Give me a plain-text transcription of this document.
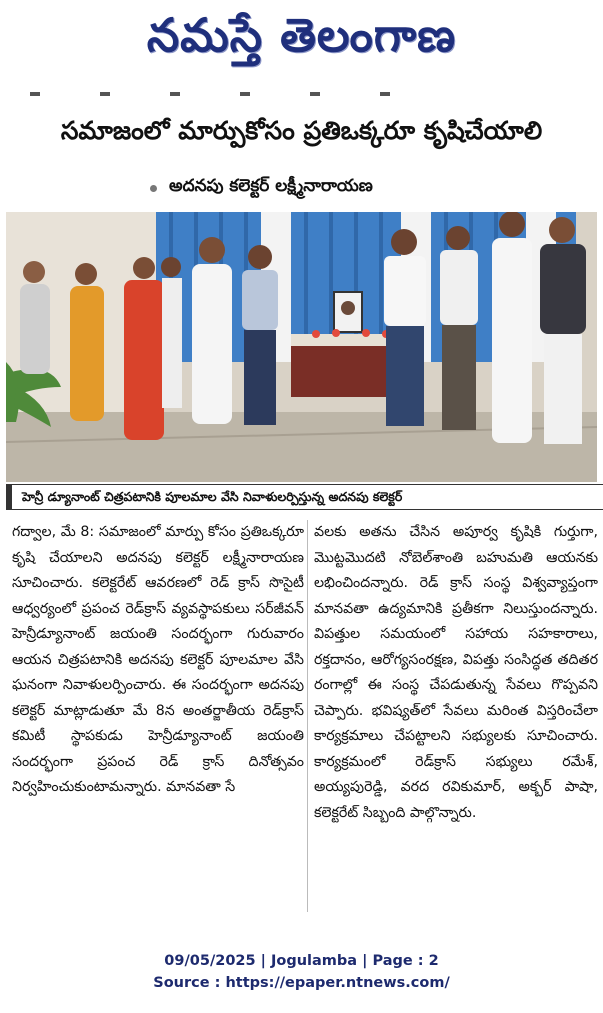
నమస్తే తెలంగాణ
సమాజంలో మార్పుకోసం ప్రతిఒక్కరూ కృషిచేయాలి
అదనపు కలెక్టర్ లక్ష్మీనారాయణ
హెన్రీ డ్యూనాంట్ చిత్రపటానికి పూలమాల వేసి నివాళులర్పిస్తున్న అదనపు కలెక్టర్
గద్వాల, మే 8: సమాజంలో మార్పు కోసం ప్రతిఒక్కరూ కృషి చేయాలని అదనపు కలెక్టర్ లక్ష్మీనారాయణ సూచించారు. కలెక్టరేట్ ఆవరణలో రెడ్ క్రాస్ సొసైటీ ఆధ్వర్యంలో ప్రపంచ రెడ్‌క్రాస్ వ్యవస్థాపకులు సర్‌జీవన్ హెన్రీడ్యూనాంట్ జయంతి సందర్భంగా గురువారం ఆయన చిత్రపటానికి అదనపు కలెక్టర్ పూలమాల వేసి ఘనంగా నివాళులర్పించారు. ఈ సందర్భంగా అదనపు కలెక్టర్ మాట్లాడుతూ మే 8న అంతర్జాతీయ రెడ్‌క్రాస్ కమిటీ స్థాపకుడు హెన్రీడ్యూనాంట్ జయంతి సందర్భంగా ప్రపంచ రెడ్ క్రాస్ దినోత్సవం నిర్వహించుకుంటామన్నారు. మానవతా సే
వలకు అతను చేసిన అపూర్వ కృషికి గుర్తుగా, మొట్టమొదటి నోబెల్‌శాంతి బహుమతి ఆయనకు లభించిందన్నారు. రెడ్ క్రాస్ సంస్థ విశ్వవ్యాప్తంగా మానవతా ఉద్యమానికి ప్రతీకగా నిలుస్తుందన్నారు. విపత్తుల సమయంలో సహాయ సహకారాలు, రక్తదానం, ఆరోగ్యసంరక్షణ, విపత్తు సంసిద్ధత తదితర రంగాల్లో ఈ సంస్థ చేపడుతున్న సేవలు గొప్పవని చెప్పారు. భవిష్యత్‌లో సేవలు మరింత విస్తరించేలా కార్యక్రమాలు చేపట్టాలని సభ్యులకు సూచించారు. కార్యక్రమంలో రెడ్‌క్రాస్ సభ్యులు రమేశ్, అయ్యపురెడ్డి, వరద రవికుమార్, అక్బర్ పాషా, కలెక్టరేట్ సిబ్బంది పాల్గొన్నారు.
09/05/2025 | Jogulamba | Page : 2
Source : https://epaper.ntnews.com/
